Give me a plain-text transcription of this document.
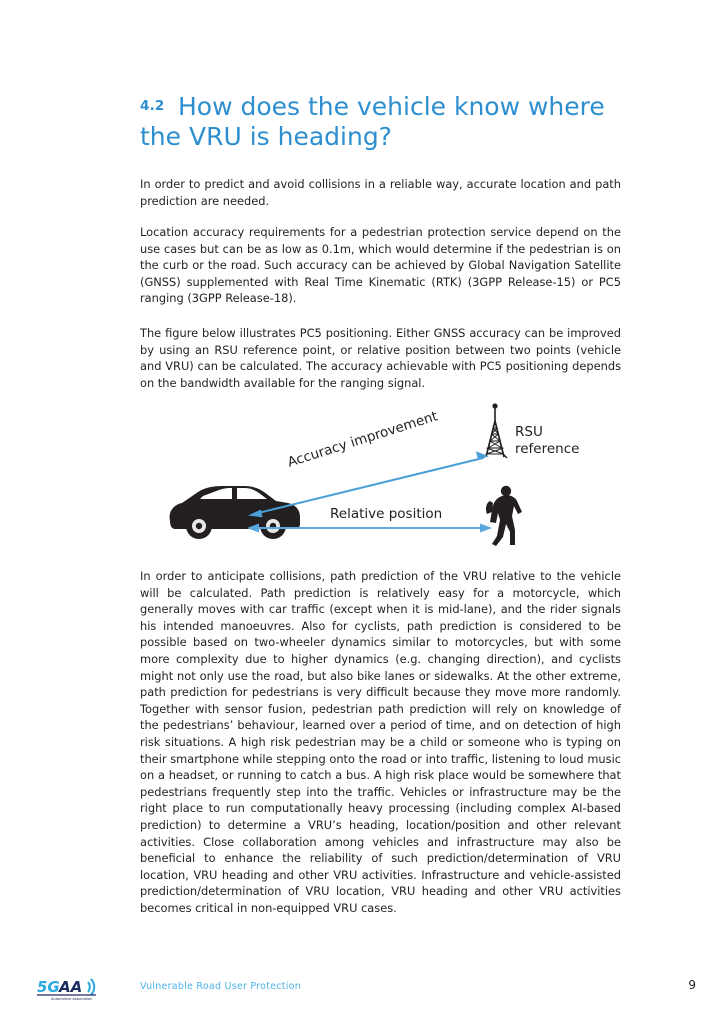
4.2 How does the vehicle know where the VRU is heading?
In order to predict and avoid collisions in a reliable way, accurate location and path prediction are needed.
Location accuracy requirements for a pedestrian protection service depend on the use cases but can be as low as 0.1m, which would determine if the pedestrian is on the curb or the road. Such accuracy can be achieved by Global Navigation Satellite (GNSS) supplemented with Real Time Kinematic (RTK) (3GPP Release-15) or PC5 ranging (3GPP Release-18).
The figure below illustrates PC5 positioning. Either GNSS accuracy can be improved by using an RSU reference point, or relative position between two points (vehicle and VRU) can be calculated. The accuracy achievable with PC5 positioning depends on the bandwidth available for the ranging signal.
RSU
reference
Accuracy improvement
Relative position
In order to anticipate collisions, path prediction of the VRU relative to the vehicle will be calculated. Path prediction is relatively easy for a motorcycle, which generally moves with car traffic (except when it is mid-lane), and the rider signals his intended manoeuvres. Also for cyclists, path prediction is considered to be possible based on two-wheeler dynamics similar to motorcycles, but with some more complexity due to higher dynamics (e.g. changing direction), and cyclists might not only use the road, but also bike lanes or sidewalks. At the other extreme, path prediction for pedestrians is very difficult because they move more randomly. Together with sensor fusion, pedestrian path prediction will rely on knowledge of the pedestrians’ behaviour, learned over a period of time, and on detection of high risk situations. A high risk pedestrian may be a child or someone who is typing on their smartphone while stepping onto the road or into traffic, listening to loud music on a headset, or running to catch a bus. A high risk place would be somewhere that pedestrians frequently step into the traffic. Vehicles or infrastructure may be the right place to run computationally heavy processing (including complex AI-based prediction) to determine a VRU’s heading, location/position and other relevant activities. Close collaboration among vehicles and infrastructure may also be beneficial to enhance the reliability of such prediction/determination of VRU location, VRU heading and other VRU activities. Infrastructure and vehicle-assisted prediction/determination of VRU location, VRU heading and other VRU activities becomes critical in non-equipped VRU cases.
5G AA
Automotive Association
Vulnerable Road User Protection	9
